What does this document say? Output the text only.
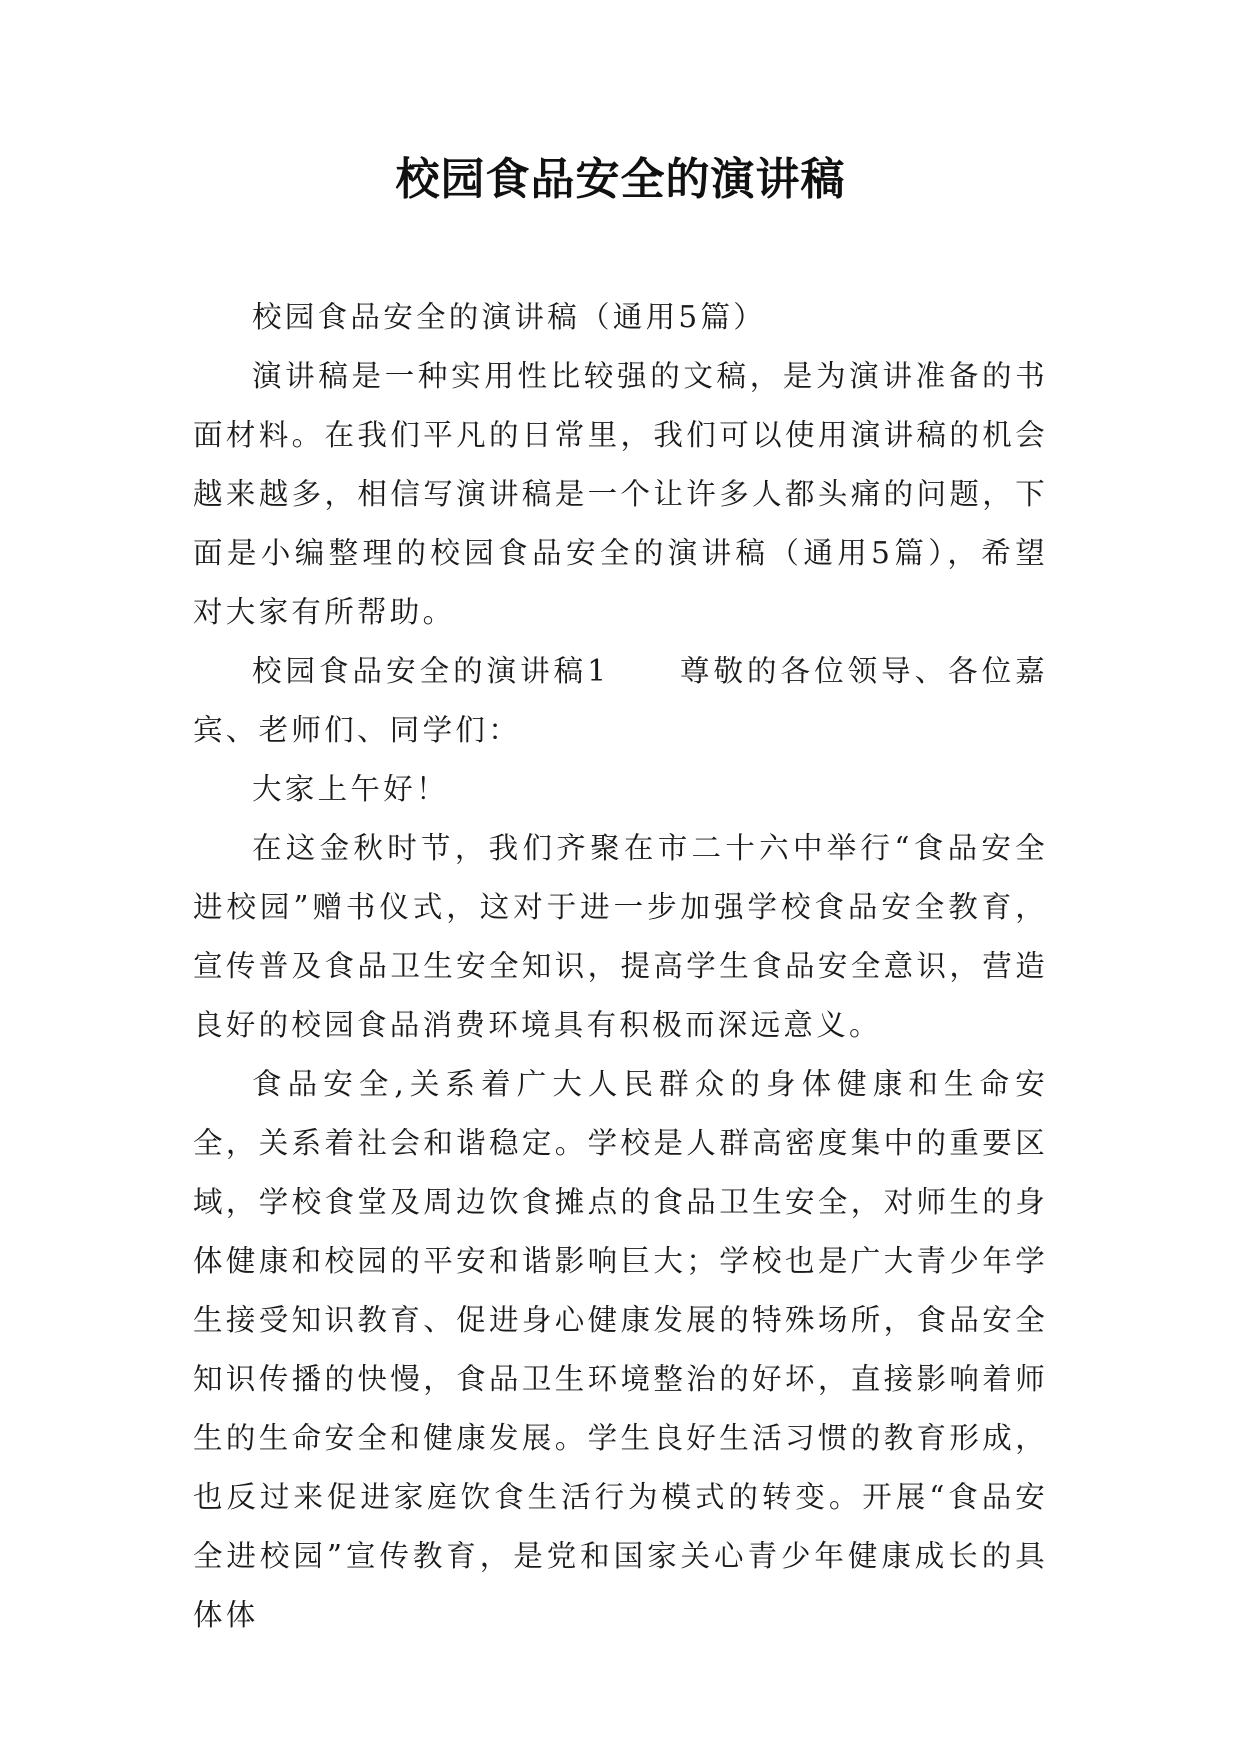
校园食品安全的演讲稿

校园食品安全的演讲稿（通用5篇）

演讲稿是一种实用性比较强的文稿，是为演讲准备的书面材料。在我们平凡的日常里，我们可以使用演讲稿的机会越来越多，相信写演讲稿是一个让许多人都头痛的问题，下面是小编整理的校园食品安全的演讲稿（通用5篇），希望对大家有所帮助。

校园食品安全的演讲稿1 尊敬的各位领导、各位嘉宾、老师们、同学们：

大家上午好！

在这金秋时节，我们齐聚在市二十六中举行“食品安全进校园”赠书仪式，这对于进一步加强学校食品安全教育，宣传普及食品卫生安全知识，提高学生食品安全意识，营造良好的校园食品消费环境具有积极而深远意义。

食品安全,关系着广大人民群众的身体健康和生命安全，关系着社会和谐稳定。学校是人群高密度集中的重要区域，学校食堂及周边饮食摊点的食品卫生安全，对师生的身体健康和校园的平安和谐影响巨大；学校也是广大青少年学生接受知识教育、促进身心健康发展的特殊场所，食品安全知识传播的快慢，食品卫生环境整治的好坏，直接影响着师生的生命安全和健康发展。学生良好生活习惯的教育形成，也反过来促进家庭饮食生活行为模式的转变。开展“食品安全进校园”宣传教育，是党和国家关心青少年健康成长的具体体
